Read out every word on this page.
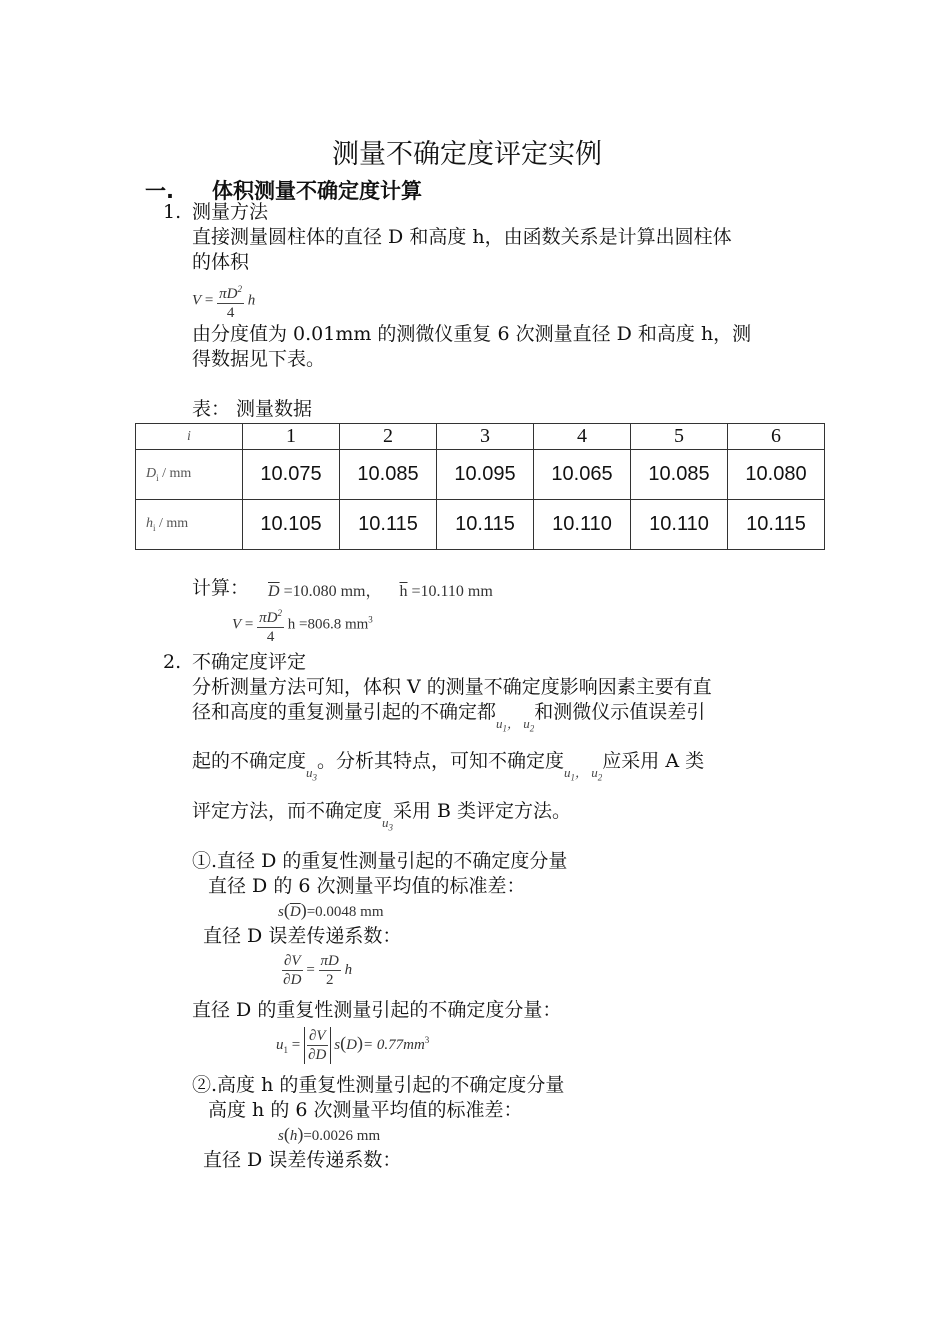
测量不确定度评定实例
一. 体积测量不确定度计算
1. 测量方法
直接测量圆柱体的直径 D 和高度 h，由函数关系是计算出圆柱体
的体积
$V = \frac{\pi D^2}{4}$ h
由分度值为 0.01mm 的测微仪重复 6 次测量直径 D 和高度 h，测
得数据见下表。
表： 测量数据
i	1	2	3	4	5	6
$D_i$ / mm	10.075	10.085	10.095	10.065	10.085	10.080
$h_i$ / mm	10.105	10.115	10.115	10.110	10.110	10.115
计算： $\overline{D} =10.080$ mm， $\overline{h} =10.110$ mm
$V = \frac{\pi D^2}{4}$ h =806.8 $mm^3$
2. 不确定度评定
分析测量方法可知，体积 V 的测量不确定度影响因素主要有直
径和高度的重复测量引起的不确定都$_{u_1, u_2}$和测微仪示值误差引
起的不确定度$_{u_3}$。分析其特点，可知不确定度$_{u_1, u_2}$应采用 A 类
评定方法，而不确定度$_{u_3}$采用 B 类评定方法。
①.直径 D 的重复性测量引起的不确定度分量
直径 D 的 6 次测量平均值的标准差：
$s(\overline{D})=0.0048$ mm
直径 D 误差传递系数：
$\frac{\partial V}{\partial D} = \frac{\pi D}{2}$ h
直径 D 的重复性测量引起的不确定度分量：
$u_1 = \frac{\partial V}{\partial D} s(D)= 0.77mm^3$
②.高度 h 的重复性测量引起的不确定度分量
高度 h 的 6 次测量平均值的标准差：
s(h)=0.0026 mm
直径 D 误差传递系数：
